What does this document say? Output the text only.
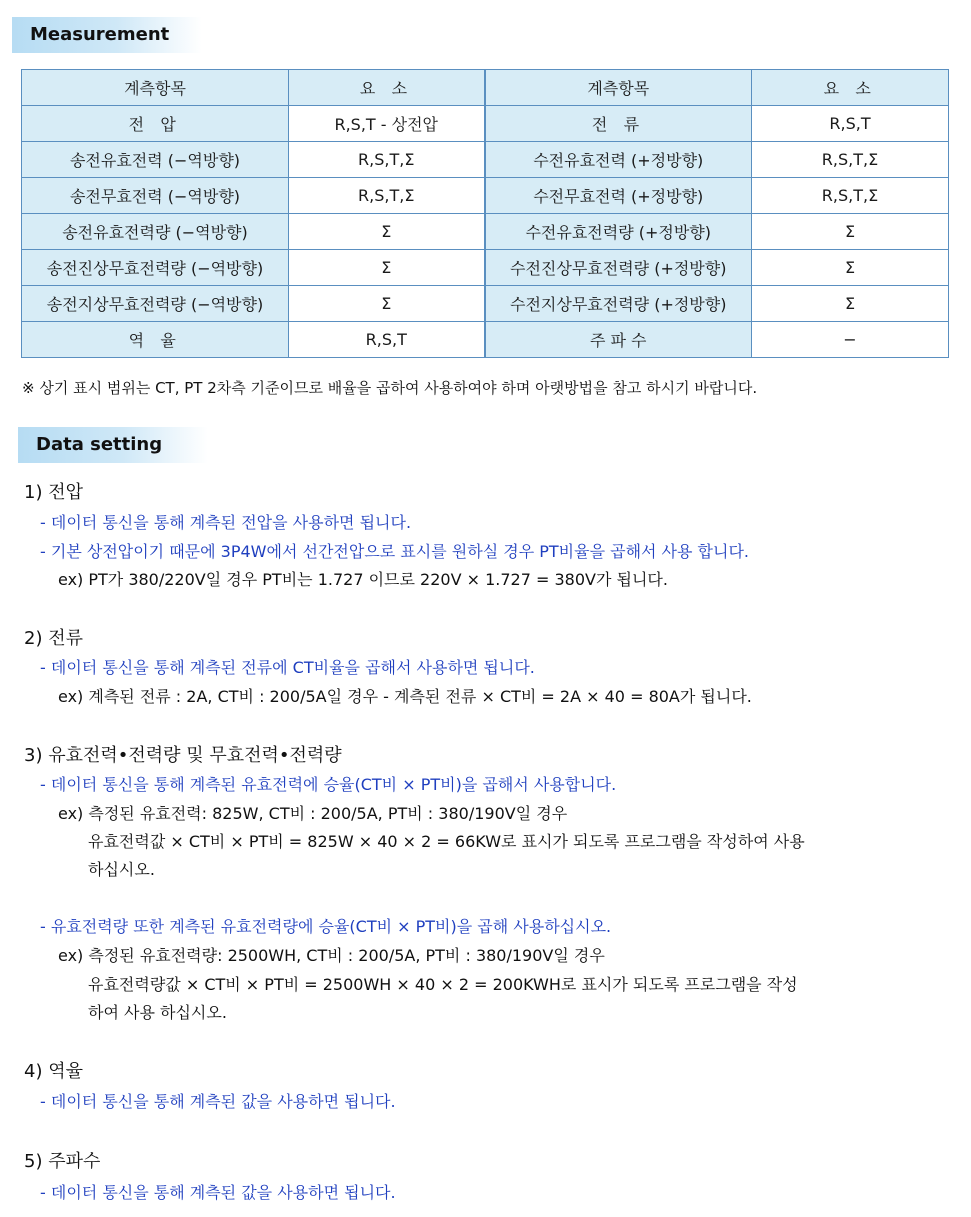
Measurement
계측항목	요 소	계측항목	요 소
전 압	R,S,T - 상전압	전 류	R,S,T
송전유효전력 (−역방향)	R,S,T,Σ	수전유효전력 (+정방향)	R,S,T,Σ
송전무효전력 (−역방향)	R,S,T,Σ	수전무효전력 (+정방향)	R,S,T,Σ
송전유효전력량 (−역방향)	Σ	수전유효전력량 (+정방향)	Σ
송전진상무효전력량 (−역방향)	Σ	수전진상무효전력량 (+정방향)	Σ
송전지상무효전력량 (−역방향)	Σ	수전지상무효전력량 (+정방향)	Σ
역 율	R,S,T	주 파 수	−
※ 상기 표시 범위는 CT, PT 2차측 기준이므로 배율을 곱하여 사용하여야 하며 아랫방법을 참고 하시기 바랍니다.
Data setting
1) 전압
- 데이터 통신을 통해 계측된 전압을 사용하면 됩니다.
- 기본 상전압이기 때문에 3P4W에서 선간전압으로 표시를 원하실 경우 PT비율을 곱해서 사용 합니다.
ex) PT가 380/220V일 경우 PT비는 1.727 이므로 220V × 1.727 = 380V가 됩니다.
2) 전류
- 데이터 통신을 통해 계측된 전류에 CT비율을 곱해서 사용하면 됩니다.
ex) 계측된 전류 : 2A, CT비 : 200/5A일 경우 - 계측된 전류 × CT비 = 2A × 40 = 80A가 됩니다.
3) 유효전력•전력량 및 무효전력•전력량
- 데이터 통신을 통해 계측된 유효전력에 승율(CT비 × PT비)을 곱해서 사용합니다.
ex) 측정된 유효전력: 825W, CT비 : 200/5A, PT비 : 380/190V일 경우
유효전력값 × CT비 × PT비 = 825W × 40 × 2 = 66KW로 표시가 되도록 프로그램을 작성하여 사용
하십시오.
- 유효전력량 또한 계측된 유효전력량에 승율(CT비 × PT비)을 곱해 사용하십시오.
ex) 측정된 유효전력량: 2500WH, CT비 : 200/5A, PT비 : 380/190V일 경우
유효전력량값 × CT비 × PT비 = 2500WH × 40 × 2 = 200KWH로 표시가 되도록 프로그램을 작성
하여 사용 하십시오.
4) 역율
- 데이터 통신을 통해 계측된 값을 사용하면 됩니다.
5) 주파수
- 데이터 통신을 통해 계측된 값을 사용하면 됩니다.
